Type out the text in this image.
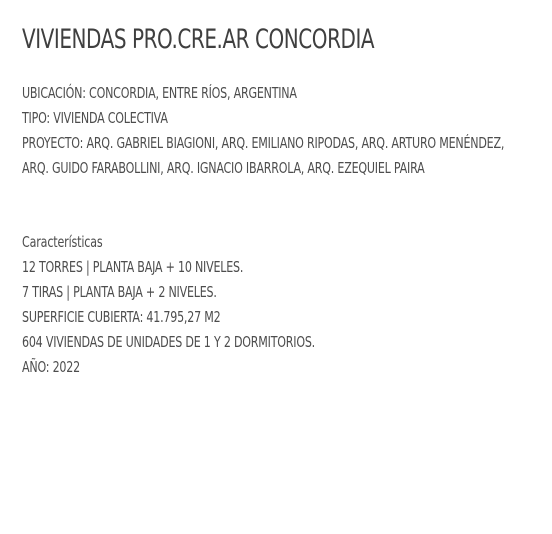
VIVIENDAS PRO.CRE.AR CONCORDIA
UBICACIÓN: CONCORDIA, ENTRE RÍOS, ARGENTINA
TIPO: VIVIENDA COLECTIVA
PROYECTO: ARQ. GABRIEL BIAGIONI, ARQ. EMILIANO RIPODAS, ARQ. ARTURO MENÉNDEZ,
ARQ. GUIDO FARABOLLINI, ARQ. IGNACIO IBARROLA, ARQ. EZEQUIEL PAIRA
Características
12 TORRES | PLANTA BAJA + 10 NIVELES.
7 TIRAS | PLANTA BAJA + 2 NIVELES.
SUPERFICIE CUBIERTA: 41.795,27 M2
604 VIVIENDAS DE UNIDADES DE 1 Y 2 DORMITORIOS.
AÑO: 2022
